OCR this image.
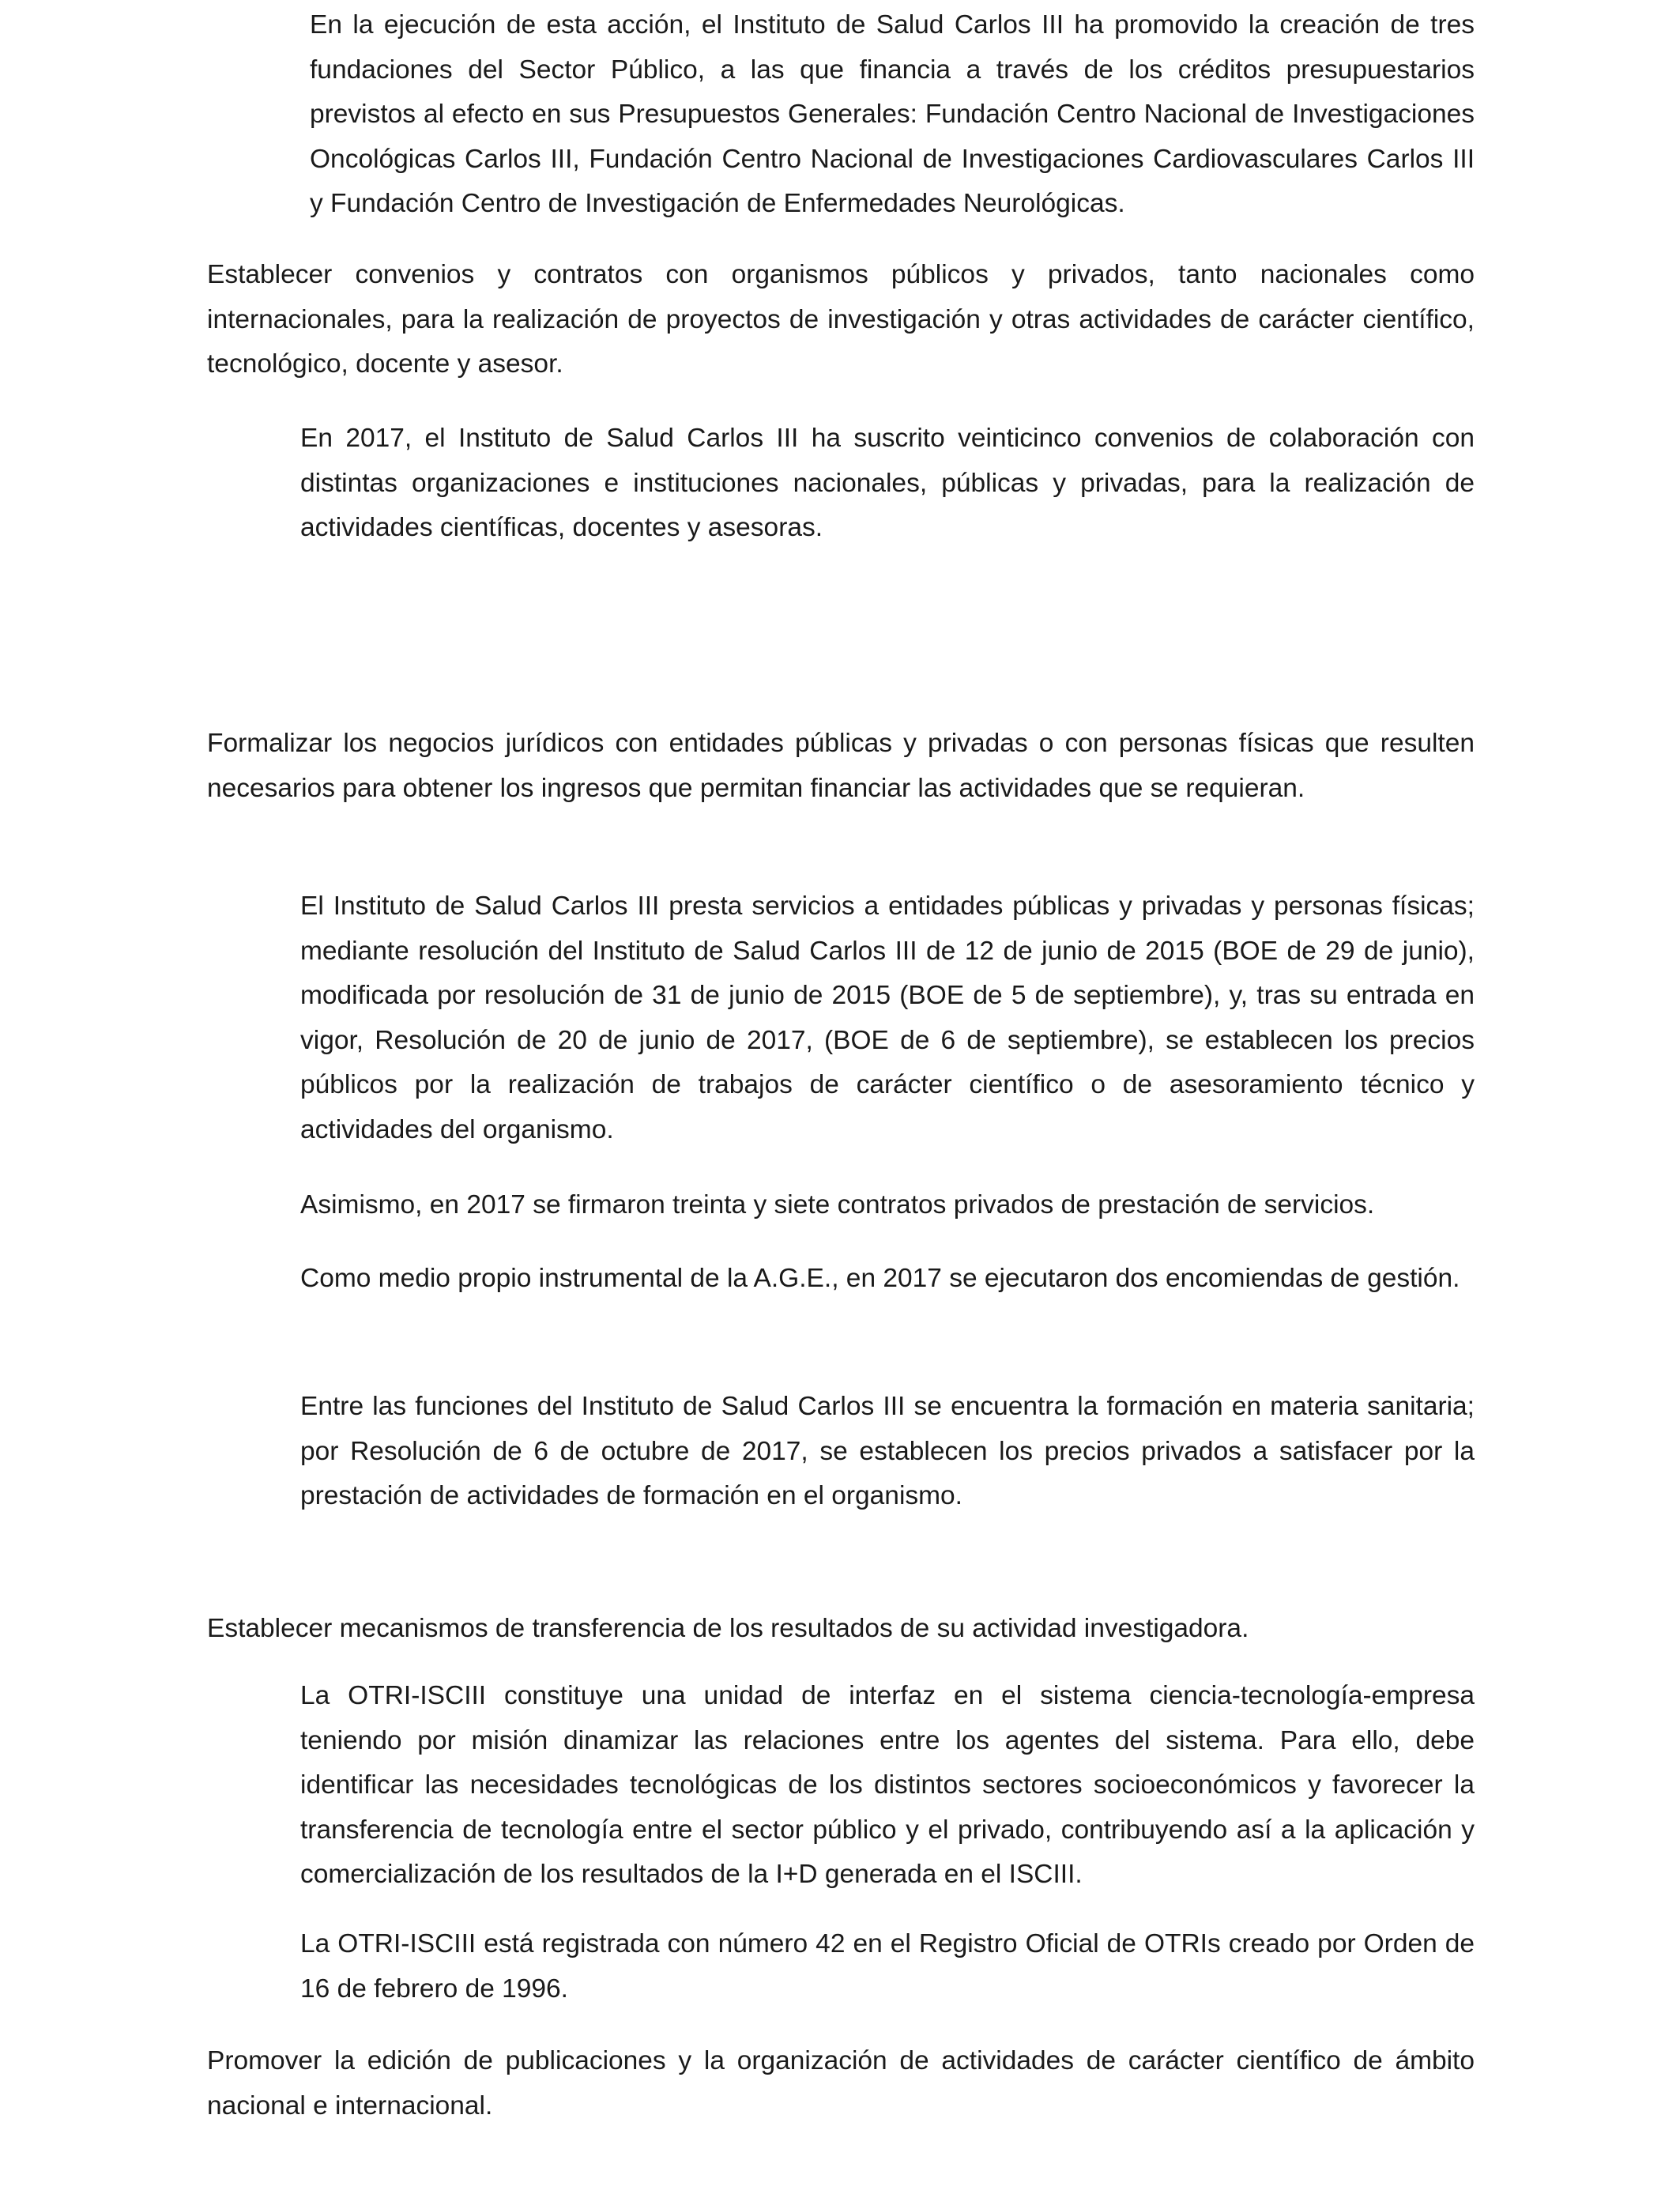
En la ejecución de esta acción, el Instituto de Salud Carlos III ha promovido la creación de tres fundaciones del Sector Público, a las que financia a través de los créditos presupuestarios previstos al efecto en sus Presupuestos Generales: Fundación Centro Nacional de Investigaciones Oncológicas Carlos III, Fundación Centro Nacional de Investigaciones Cardiovasculares Carlos III y Fundación Centro de Investigación de Enfermedades Neurológicas.

Establecer convenios y contratos con organismos públicos y privados, tanto nacionales como internacionales, para la realización de proyectos de investigación y otras actividades de carácter científico, tecnológico, docente y asesor.

En 2017, el Instituto de Salud Carlos III ha suscrito veinticinco convenios de colaboración con distintas organizaciones e instituciones nacionales, públicas y privadas, para la realización de actividades científicas, docentes y asesoras.

Formalizar los negocios jurídicos con entidades públicas y privadas o con personas físicas que resulten necesarios para obtener los ingresos que permitan financiar las actividades que se requieran.

El Instituto de Salud Carlos III presta servicios a entidades públicas y privadas y personas físicas; mediante resolución del Instituto de Salud Carlos III de 12 de junio de 2015 (BOE de 29 de junio), modificada por resolución de 31 de junio de 2015 (BOE de 5 de septiembre), y, tras su entrada en vigor, Resolución de 20 de junio de 2017, (BOE de 6 de septiembre), se establecen los precios públicos por la realización de trabajos de carácter científico o de asesoramiento técnico y actividades del organismo.

Asimismo, en 2017 se firmaron treinta y siete contratos privados de prestación de servicios.

Como medio propio instrumental de la A.G.E., en 2017 se ejecutaron dos encomiendas de gestión.

Entre las funciones del Instituto de Salud Carlos III se encuentra la formación en materia sanitaria; por Resolución de 6 de octubre de 2017, se establecen los precios privados a satisfacer por la prestación de actividades de formación en el organismo.

Establecer mecanismos de transferencia de los resultados de su actividad investigadora.

La OTRI-ISCIII constituye una unidad de interfaz en el sistema ciencia-tecnología-empresa teniendo por misión dinamizar las relaciones entre los agentes del sistema. Para ello, debe identificar las necesidades tecnológicas de los distintos sectores socioeconómicos y favorecer la transferencia de tecnología entre el sector público y el privado, contribuyendo así a la aplicación y comercialización de los resultados de la I+D generada en el ISCIII.

La OTRI-ISCIII está registrada con número 42 en el Registro Oficial de OTRIs creado por Orden de 16 de febrero de 1996.

Promover la edición de publicaciones y la organización de actividades de carácter científico de ámbito nacional e internacional.
